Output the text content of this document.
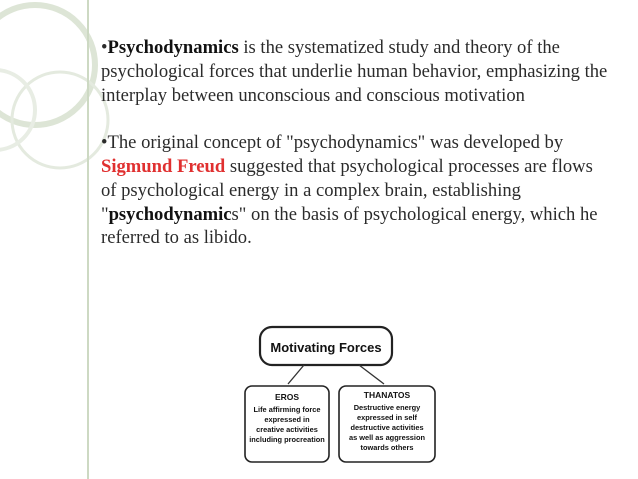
•Psychodynamics is the systematized study and theory of the psychological forces that underlie human behavior, emphasizing the interplay between unconscious and conscious motivation

•The original concept of "psychodynamics" was developed by Sigmund Freud suggested that psychological processes are flows of psychological energy in a complex brain, establishing "psychodynamics" on the basis of psychological energy, which he referred to as libido.

Motivating Forces
EROS
Life affirming force
expressed in
creative activities
including procreation
THANATOS
Destructive energy
expressed in self
destructive activities
as well as aggression
towards others
